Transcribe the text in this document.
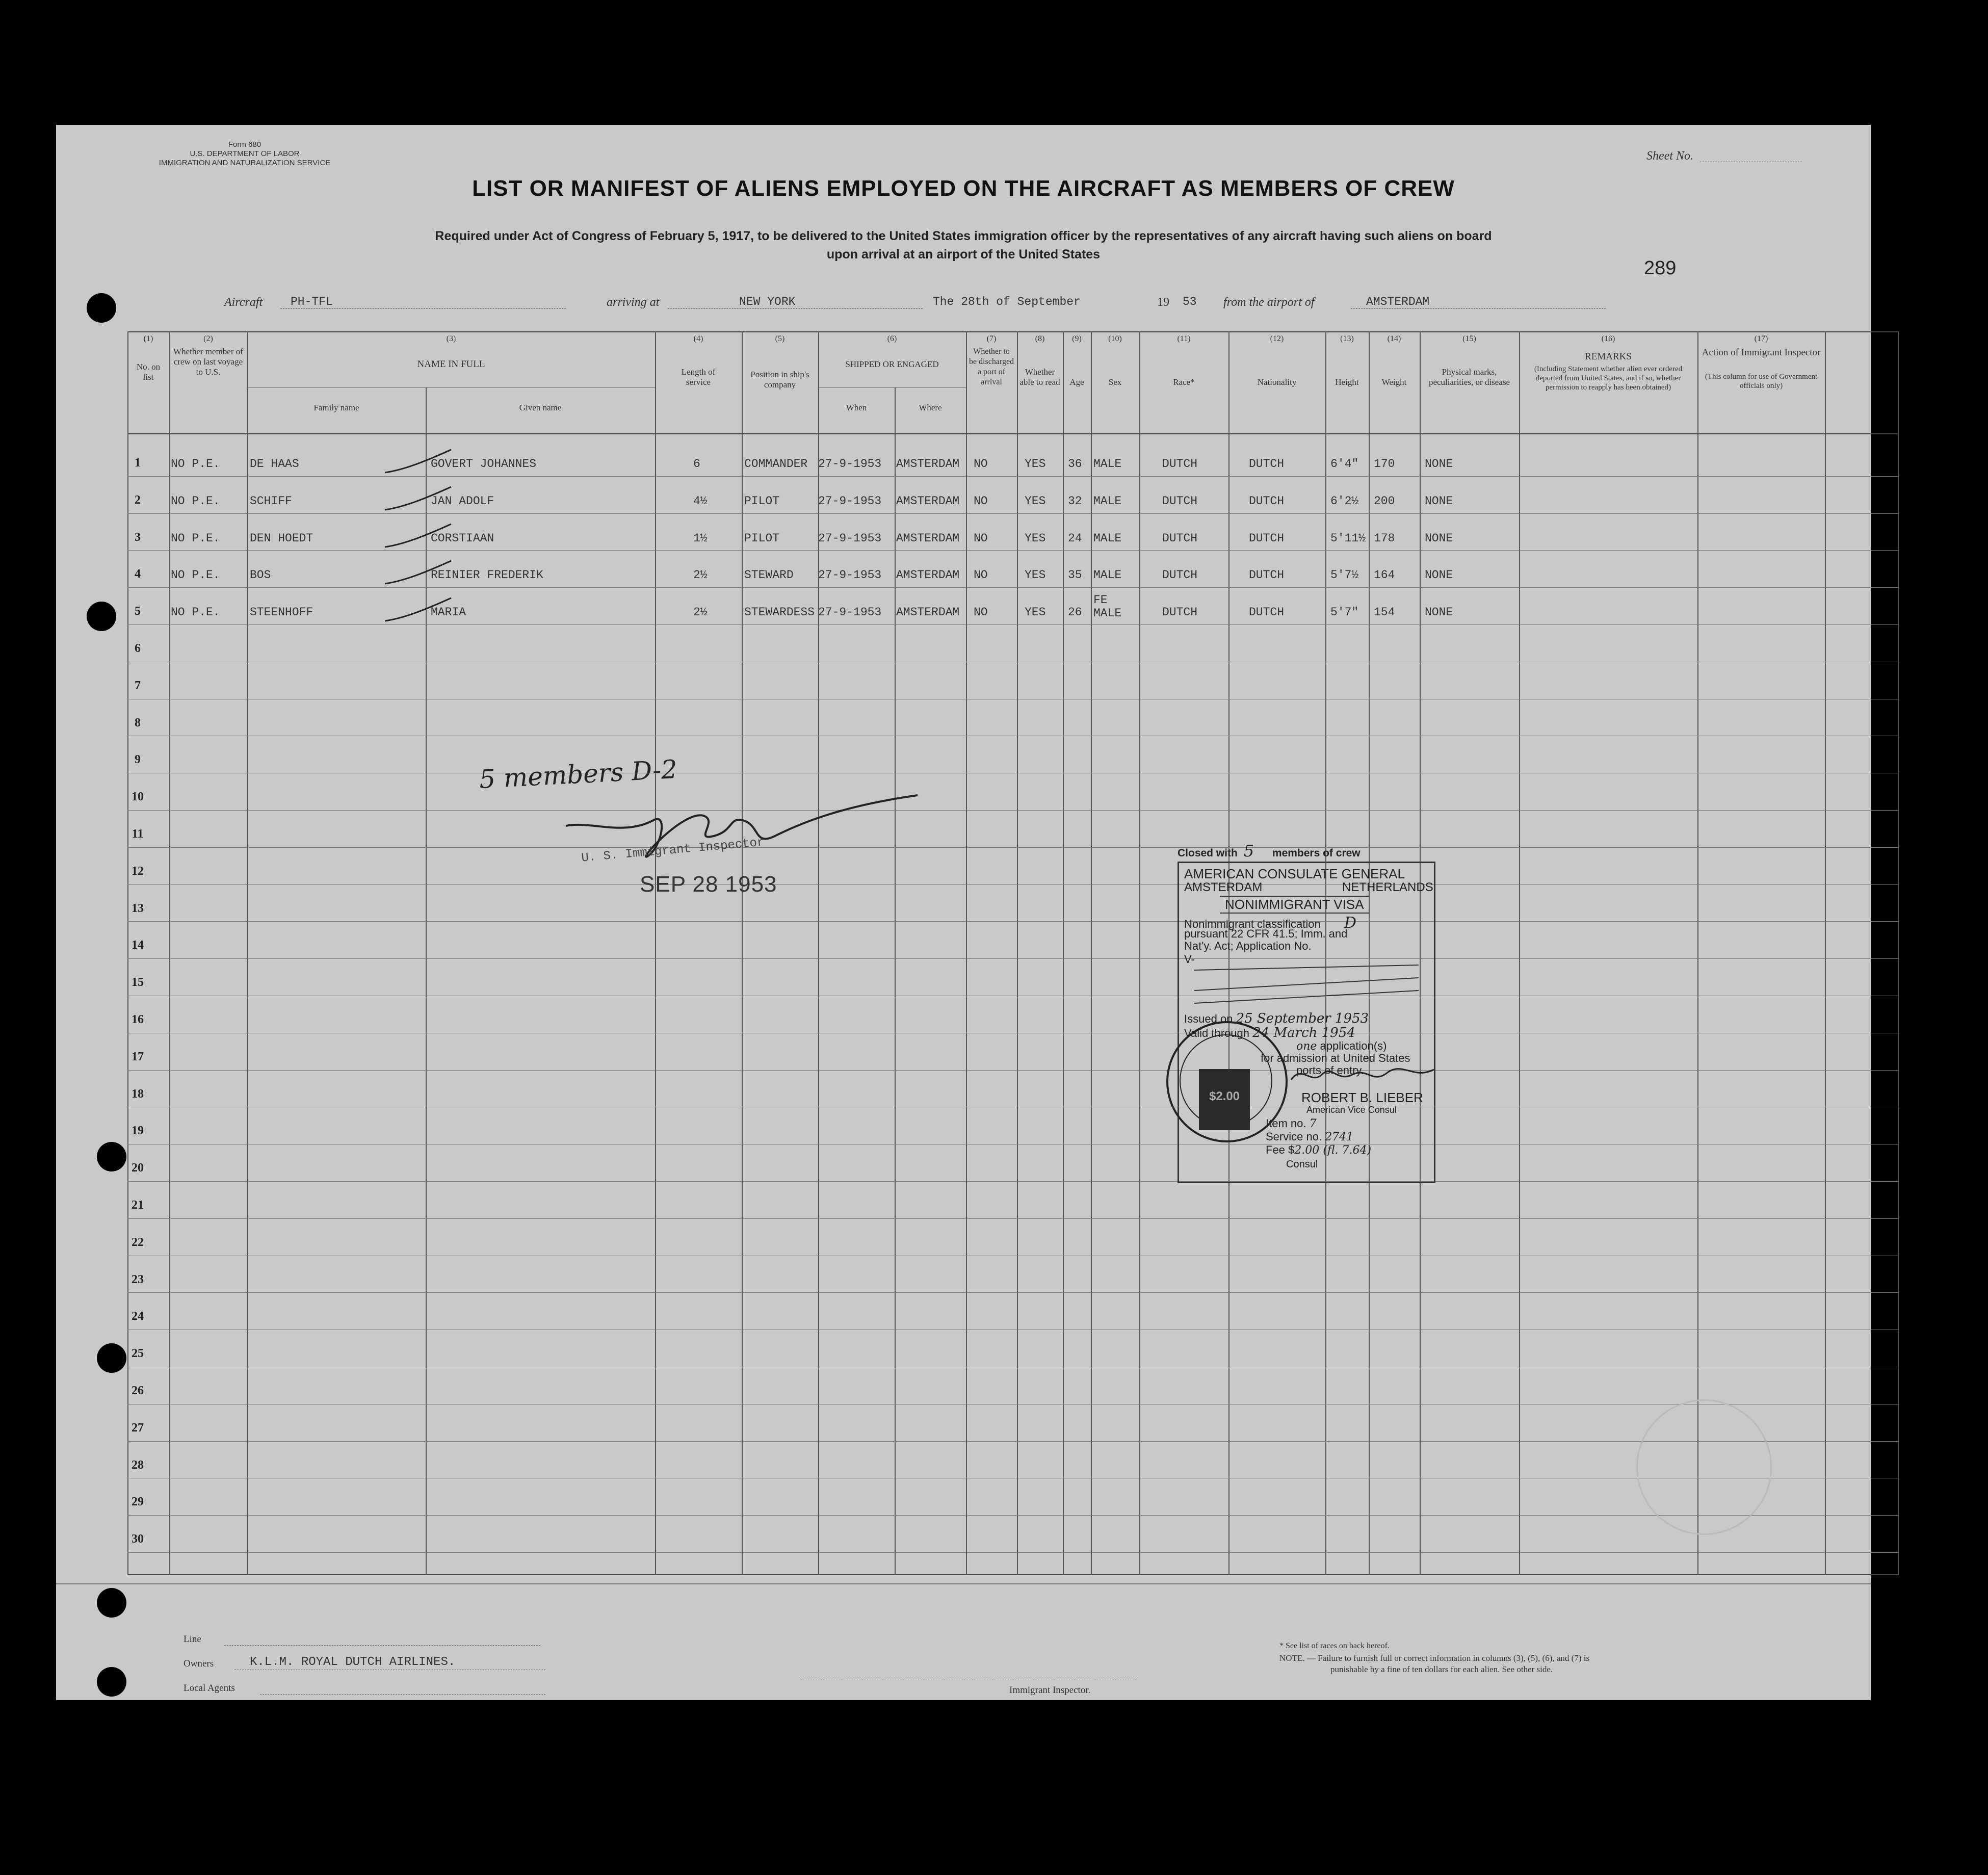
Form 680
U.S. DEPARTMENT OF LABOR
IMMIGRATION AND NATURALIZATION SERVICE
Sheet No.
LIST OR MANIFEST OF ALIENS EMPLOYED ON THE AIRCRAFT AS MEMBERS OF CREW
Required under Act of Congress of February 5, 1917, to be delivered to the United States immigration officer by the representatives of any aircraft having such aliens on board
upon arrival at an airport of the United States
289
Aircraft PH-TFL	arriving at	NEW YORK	The 28th of September	19 53 from the airport of	AMSTERDAM
(1)	(2)	(3)	(4)	(5)	(6)	(7)	(8)	(9)	(10)	(11)	(12)	(13)	(14)	(15)	(16)	(17)
No. on list
Whether member of crew on last voyage to U.S.
NAME IN FULL
Family name	Given name
Length of service
Position in ship's company
SHIPPED OR ENGAGED
When	Where
Whether to be discharged a port of arrival
Whether able to read	Age	Sex	Race*	Nationality	Height	Weight
Physical marks, peculiarities, or disease
REMARKS
(Including Statement whether alien ever ordered deported from United States, and if so, whether permission to reapply has been obtained)
Action of Immigrant Inspector
(This column for use of Government officials only)
1	NO P.E.	DE HAAS	GOVERT JOHANNES	6	COMMANDER 27-9-1953 AMSTERDAM NO	YES 36 MALE	DUTCH	DUTCH	6'4" 170	NONE
2	NO P.E.	SCHIFF	JAN ADOLF	4½	PILOT	27-9-1953 AMSTERDAM NO	YES 32 MALE	DUTCH	DUTCH	6'2½ 200	NONE
3	NO P.E.	DEN HOEDT	CORSTIAAN	1½	PILOT	27-9-1953 AMSTERDAM NO	YES 24 MALE	DUTCH	DUTCH	5'11½ 178	NONE
4	NO P.E.	BOS	REINIER FREDERIK	2½	STEWARD 27-9-1953 AMSTERDAM NO	YES 35 MALE	DUTCH	DUTCH	5'7½ 164	NONE
5	NO P.E.	STEENHOFF	MARIA	2½	STEWARDESS 27-9-1953 AMSTERDAM NO	YES 26
FE MALE	DUTCH	DUTCH	5'7" 154	NONE
6
7
8
9
10
11
12
13
14
15
16
17
18
19
20
21
22
23
24
25
26
27
28
29
30
5 members D-2
U. S. Immigrant Inspector
SEP 28 1953
Closed with 5 members of crew
AMERICAN CONSULATE GENERAL
AMSTERDAM	NETHERLANDS
NONIMMIGRANT VISA
Nonimmigrant classification D
pursuant 22 CFR 41.5; Imm. and
Nat'y. Act; Application No.
V-
Issued on 25 September 1953
Valid through 24 March 1954
one application(s)
for admission at United States
ports of entry.
ROBERT B. LIEBER
American Vice Consul
Item no. 7
Service no. 2741
Fee $2.00 (fl. 7.64)
Consul
$2.00
Line
Owners	K.L.M. ROYAL DUTCH AIRLINES.
Local Agents	Immigrant Inspector.
* See list of races on back hereof.
NOTE. — Failure to furnish full or correct information in columns (3), (5), (6), and (7) is
punishable by a fine of ten dollars for each alien. See other side.
